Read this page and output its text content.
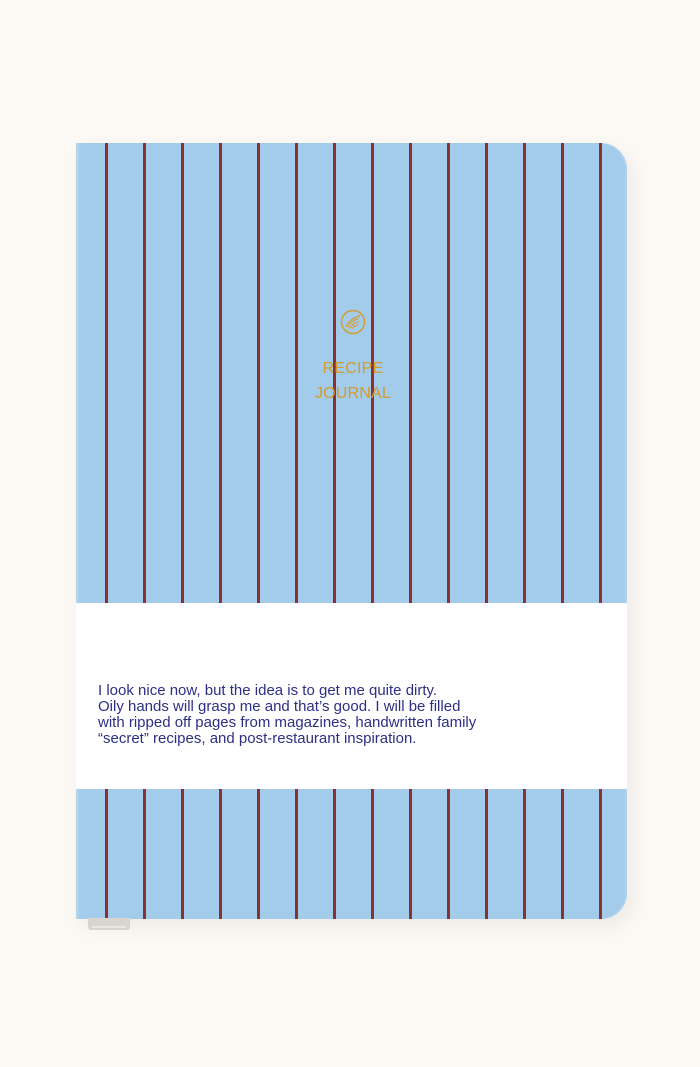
RECIPE
JOURNAL

I look nice now, but the idea is to get me quite dirty.
Oily hands will grasp me and that’s good. I will be filled
with ripped off pages from magazines, handwritten family
“secret” recipes, and post-restaurant inspiration.
